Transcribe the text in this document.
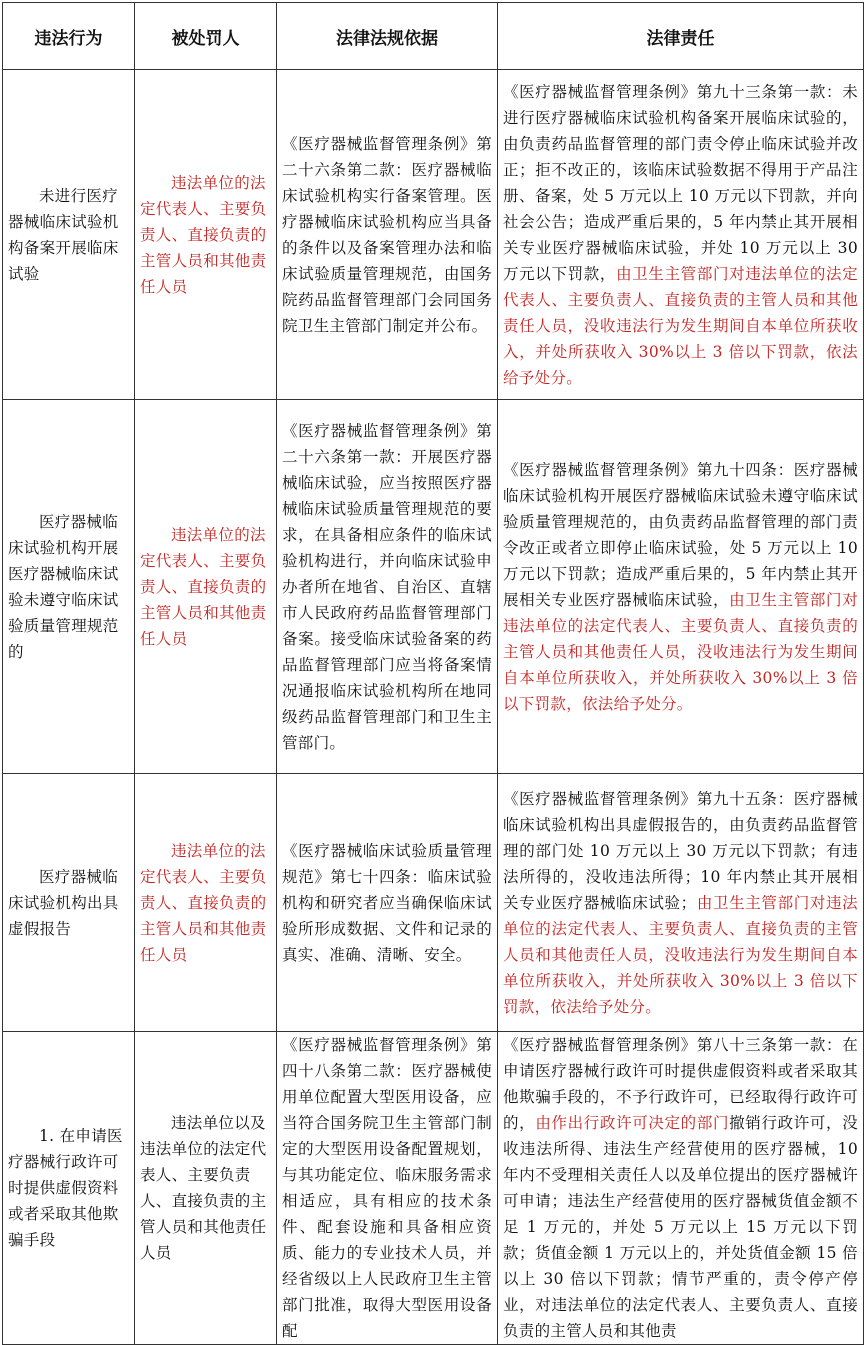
违法行为	被处罚人	法律法规依据	法律责任
未进行医疗器械临床试验机构备案开展临床试验	违法单位的法定代表人、主要负责人、直接负责的主管人员和其他责任人员	《医疗器械监督管理条例》第二十六条第二款：医疗器械临床试验机构实行备案管理。医疗器械临床试验机构应当具备的条件以及备案管理办法和临床试验质量管理规范，由国务院药品监督管理部门会同国务院卫生主管部门制定并公布。	《医疗器械监督管理条例》第九十三条第一款：未进行医疗器械临床试验机构备案开展临床试验的，由负责药品监督管理的部门责令停止临床试验并改正；拒不改正的，该临床试验数据不得用于产品注册、备案，处 5 万元以上 10 万元以下罚款，并向社会公告；造成严重后果的，5 年内禁止其开展相关专业医疗器械临床试验，并处 10 万元以上 30 万元以下罚款，由卫生主管部门对违法单位的法定代表人、主要负责人、直接负责的主管人员和其他责任人员，没收违法行为发生期间自本单位所获收入，并处所获收入 30%以上 3 倍以下罚款，依法给予处分。
医疗器械临床试验机构开展医疗器械临床试验未遵守临床试验质量管理规范的	违法单位的法定代表人、主要负责人、直接负责的主管人员和其他责任人员	《医疗器械监督管理条例》第二十六条第一款：开展医疗器械临床试验，应当按照医疗器械临床试验质量管理规范的要求，在具备相应条件的临床试验机构进行，并向临床试验申办者所在地省、自治区、直辖市人民政府药品监督管理部门备案。接受临床试验备案的药品监督管理部门应当将备案情况通报临床试验机构所在地同级药品监督管理部门和卫生主管部门。	《医疗器械监督管理条例》第九十四条：医疗器械临床试验机构开展医疗器械临床试验未遵守临床试验质量管理规范的，由负责药品监督管理的部门责令改正或者立即停止临床试验，处 5 万元以上 10 万元以下罚款；造成严重后果的，5 年内禁止其开展相关专业医疗器械临床试验，由卫生主管部门对违法单位的法定代表人、主要负责人、直接负责的主管人员和其他责任人员，没收违法行为发生期间自本单位所获收入，并处所获收入 30%以上 3 倍以下罚款，依法给予处分。
医疗器械临床试验机构出具虚假报告	违法单位的法定代表人、主要负责人、直接负责的主管人员和其他责任人员	《医疗器械临床试验质量管理规范》第七十四条：临床试验机构和研究者应当确保临床试验所形成数据、文件和记录的真实、准确、清晰、安全。	《医疗器械监督管理条例》第九十五条：医疗器械临床试验机构出具虚假报告的，由负责药品监督管理的部门处 10 万元以上 30 万元以下罚款；有违法所得的，没收违法所得；10 年内禁止其开展相关专业医疗器械临床试验；由卫生主管部门对违法单位的法定代表人、主要负责人、直接负责的主管人员和其他责任人员，没收违法行为发生期间自本单位所获收入，并处所获收入 30%以上 3 倍以下罚款，依法给予处分。
1. 在申请医疗器械行政许可时提供虚假资料或者采取其他欺骗手段	违法单位以及违法单位的法定代表人、主要负责人、直接负责的主管人员和其他责任人员	《医疗器械监督管理条例》第四十八条第二款：医疗器械使用单位配置大型医用设备，应当符合国务院卫生主管部门制定的大型医用设备配置规划，与其功能定位、临床服务需求相适应，具有相应的技术条件、配套设施和具备相应资质、能力的专业技术人员，并经省级以上人民政府卫生主管部门批准，取得大型医用设备配	《医疗器械监督管理条例》第八十三条第一款：在申请医疗器械行政许可时提供虚假资料或者采取其他欺骗手段的，不予行政许可，已经取得行政许可的，由作出行政许可决定的部门撤销行政许可，没收违法所得、违法生产经营使用的医疗器械，10 年内不受理相关责任人以及单位提出的医疗器械许可申请；违法生产经营使用的医疗器械货值金额不足 1 万元的，并处 5 万元以上 15 万元以下罚款；货值金额 1 万元以上的，并处货值金额 15 倍以上 30 倍以下罚款；情节严重的，责令停产停业，对违法单位的法定代表人、主要负责人、直接负责的主管人员和其他责
